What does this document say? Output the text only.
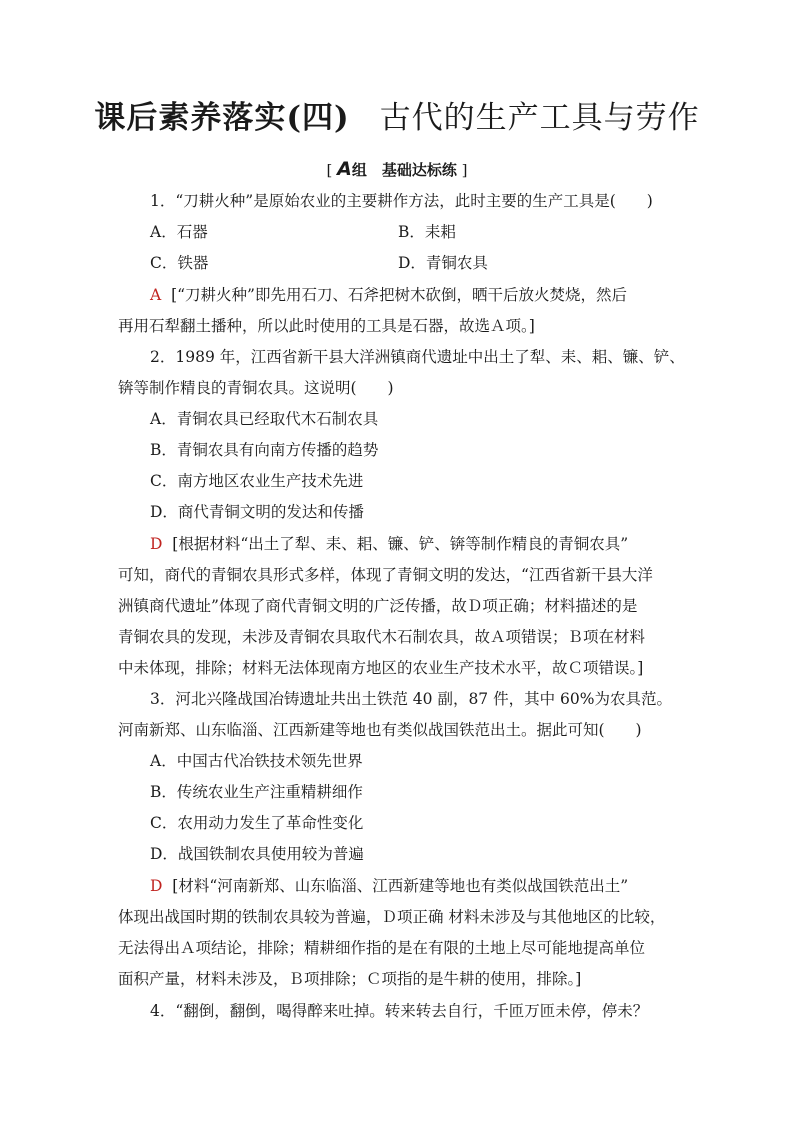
课后素养落实(四) 古代的生产工具与劳作
[ A组　基础达标练 ]
1．“刀耕火种”是原始农业的主要耕作方法，此时主要的生产工具是(　　)
A．石器	B．耒耜
C．铁器	D．青铜农具
A [“刀耕火种”即先用石刀、石斧把树木砍倒，晒干后放火焚烧，然后
再用石犁翻土播种，所以此时使用的工具是石器，故选Ａ项。]
2．1989 年，江西省新干县大洋洲镇商代遗址中出土了犁、耒、耜、镰、铲、
锛等制作精良的青铜农具。这说明(　　)
A．青铜农具已经取代木石制农具
B．青铜农具有向南方传播的趋势
C．南方地区农业生产技术先进
D．商代青铜文明的发达和传播
D [根据材料“出土了犁、耒、耜、镰、铲、锛等制作精良的青铜农具”
可知，商代的青铜农具形式多样，体现了青铜文明的发达，“江西省新干县大洋
洲镇商代遗址”体现了商代青铜文明的广泛传播，故Ｄ项正确；材料描述的是
青铜农具的发现，未涉及青铜农具取代木石制农具，故Ａ项错误；Ｂ项在材料
中未体现，排除；材料无法体现南方地区的农业生产技术水平，故Ｃ项错误。]
3．河北兴隆战国冶铸遗址共出土铁范 40 副，87 件，其中 60%为农具范。
河南新郑、山东临淄、江西新建等地也有类似战国铁范出土。据此可知(　　)
A．中国古代冶铁技术领先世界
B．传统农业生产注重精耕细作
C．农用动力发生了革命性变化
D．战国铁制农具使用较为普遍
D [材料“河南新郑、山东临淄、江西新建等地也有类似战国铁范出土”
体现出战国时期的铁制农具较为普遍，Ｄ项正确 材料未涉及与其他地区的比较，
无法得出Ａ项结论，排除；精耕细作指的是在有限的土地上尽可能地提高单位
面积产量，材料未涉及，Ｂ项排除；Ｃ项指的是牛耕的使用，排除。]
4．“翻倒，翻倒，喝得醉来吐掉。转来转去自行，千匝万匝未停，停未？
